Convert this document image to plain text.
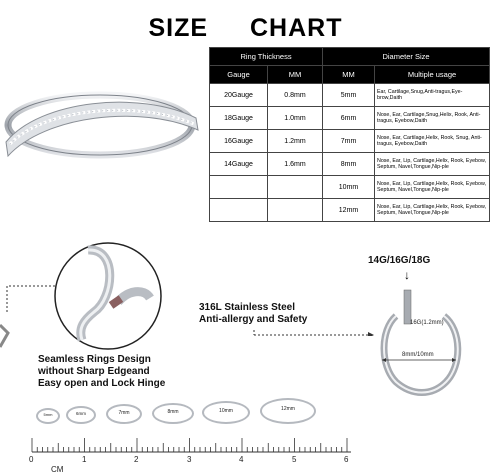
SIZE CHART
Ring Thickness		Diameter Size	
Gauge	MM	MM	Multiple usage
20Gauge	0.8mm	5mm	Ear, Cartilage,Snug,Anti-tragus,Eye-brow,Daith
18Gauge	1.0mm	6mm	Nose, Ear, Cartilage,Snug,Helix, Rook, Anti-tragus, Eyebow,Daith
16Gauge	1.2mm	7mm	Nose, Ear, Cartilage,Helix, Rook, Snug, Anti-tragus, Eyebow,Daith
14Gauge	1.6mm	8mm	Nose, Ear, Lip, Cartilage,Helix, Rook, Eyebow, Septum, Navel,Tongue,Nip-ple
		10mm	Nose, Ear, Lip, Cartilage,Helix, Rook, Eyebow, Septum, Navel,Tongue,Nip-ple
		12mm	Nose, Ear, Lip, Cartilage,Helix, Rook, Eyebow, Septum, Navel,Tongue,Nip-ple
316L Stainless Steel
Anti-allergy and Safety
14G/16G/18G
↓
16G(1.2mm)
8mm/10mm
Seamless Rings Design
without Sharp Edgeand
Easy open and Lock Hinge
5mm	6mm	7mm	8mm	10mm	12mm
0	1	2	3	4	5	6
CM
